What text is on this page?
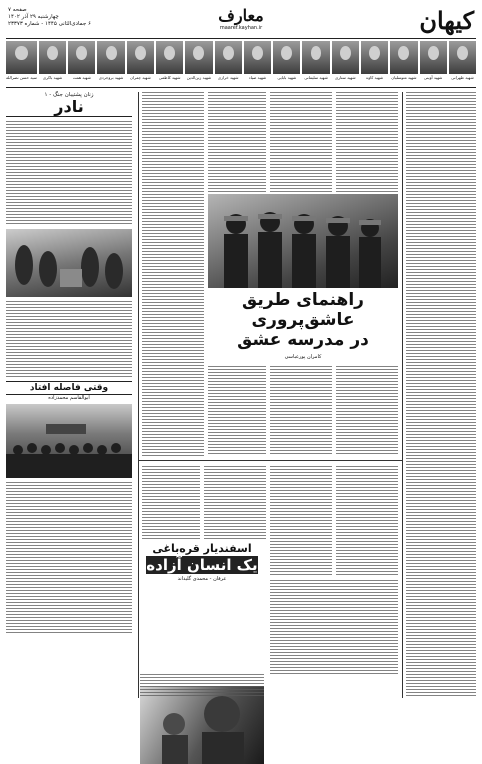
کیهان
معارف
maaref.kayhan.ir
صفحه ۷
چهارشنبه ۲۹ آذر ۱۴۰۲
۶ جمادی‌الثانی ۱۴۴۵ - شماره ۲۳۳۷۳
سید حسن نصرالله	شهید باکری	شهید همت	شهید بروجردی	شهید چمران	شهید کاظمی	شهید زین‌الدین	شهید خرازی	شهید صیاد	شهید بابایی	شهید سلیمانی	شهید ستاری	شهید کاوه	شهید متوسلیان	شهید آوینی	شهید طهرانی
راهنمای طریق عاشق‌پروری
در مدرسه عشق
کامران پورعباسی
اسفندیار قره‌باغی
یک انسان آزاده
عرفان - محمدی گلیداند
زنان پشتیبان جنگ - ۱
نادر
وقتی فاصله افتاد
ابوالقاسم محمدزاده
